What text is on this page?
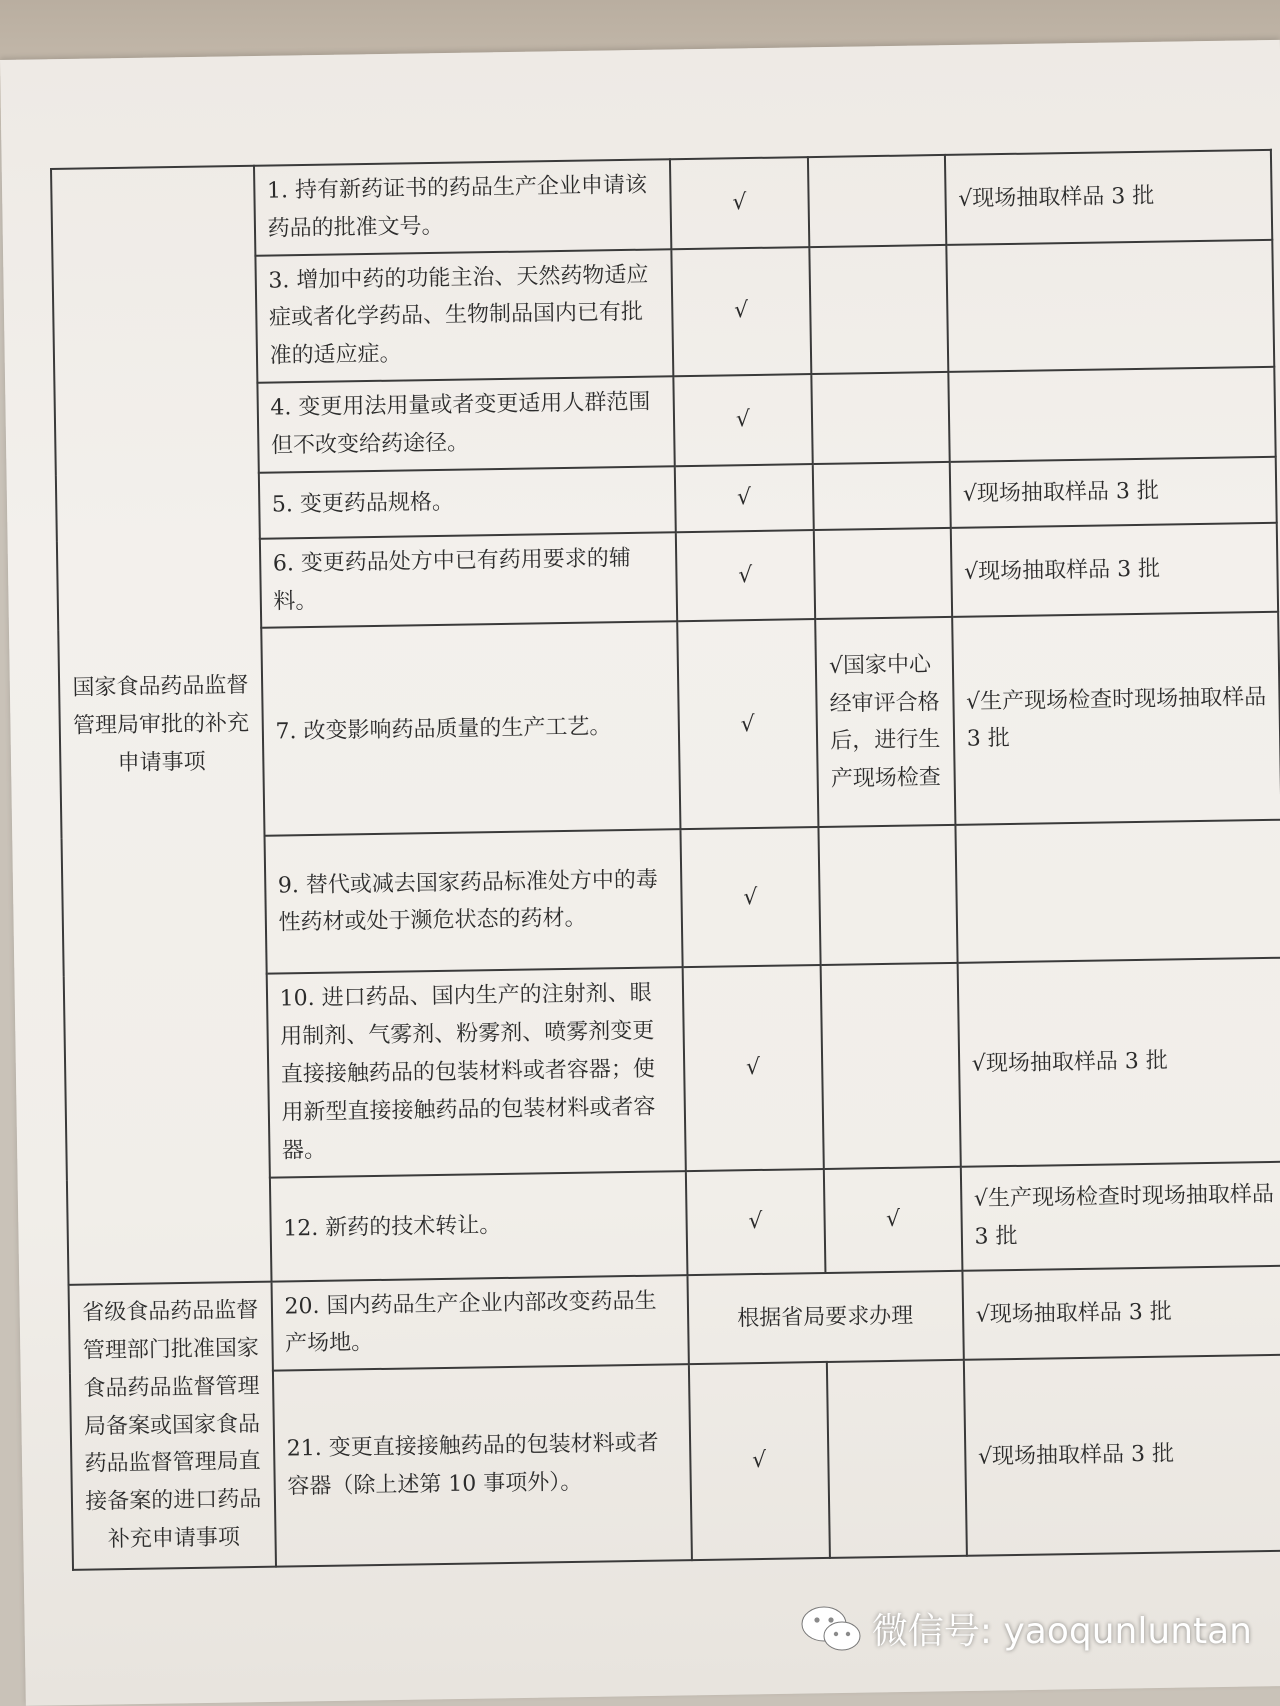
国家食品药品监督管理局审批的补充申请事项	1. 持有新药证书的药品生产企业申请该药品的批准文号。	√		√现场抽取样品 3 批
	3. 增加中药的功能主治、天然药物适应症或者化学药品、生物制品国内已有批准的适应症。	√		
	4. 变更用法用量或者变更适用人群范围但不改变给药途径。	√		
	5. 变更药品规格。	√		√现场抽取样品 3 批
	6. 变更药品处方中已有药用要求的辅料。	√		√现场抽取样品 3 批
	7. 改变影响药品质量的生产工艺。	√	√国家中心经审评合格后，进行生产现场检查	√生产现场检查时现场抽取样品 3 批
	9. 替代或减去国家药品标准处方中的毒性药材或处于濒危状态的药材。	√		
	10. 进口药品、国内生产的注射剂、眼用制剂、气雾剂、粉雾剂、喷雾剂变更直接接触药品的包装材料或者容器；使用新型直接接触药品的包装材料或者容器。	√		√现场抽取样品 3 批
	12. 新药的技术转让。	√	√	√生产现场检查时现场抽取样品 3 批
省级食品药品监督管理部门批准国家食品药品监督管理局备案或国家食品药品监督管理局直接备案的进口药品补充申请事项	20. 国内药品生产企业内部改变药品生产场地。	根据省局要求办理		√现场抽取样品 3 批
	21. 变更直接接触药品的包装材料或者容器（除上述第 10 事项外）。	√		√现场抽取样品 3 批
微信号: yaoqunluntan
